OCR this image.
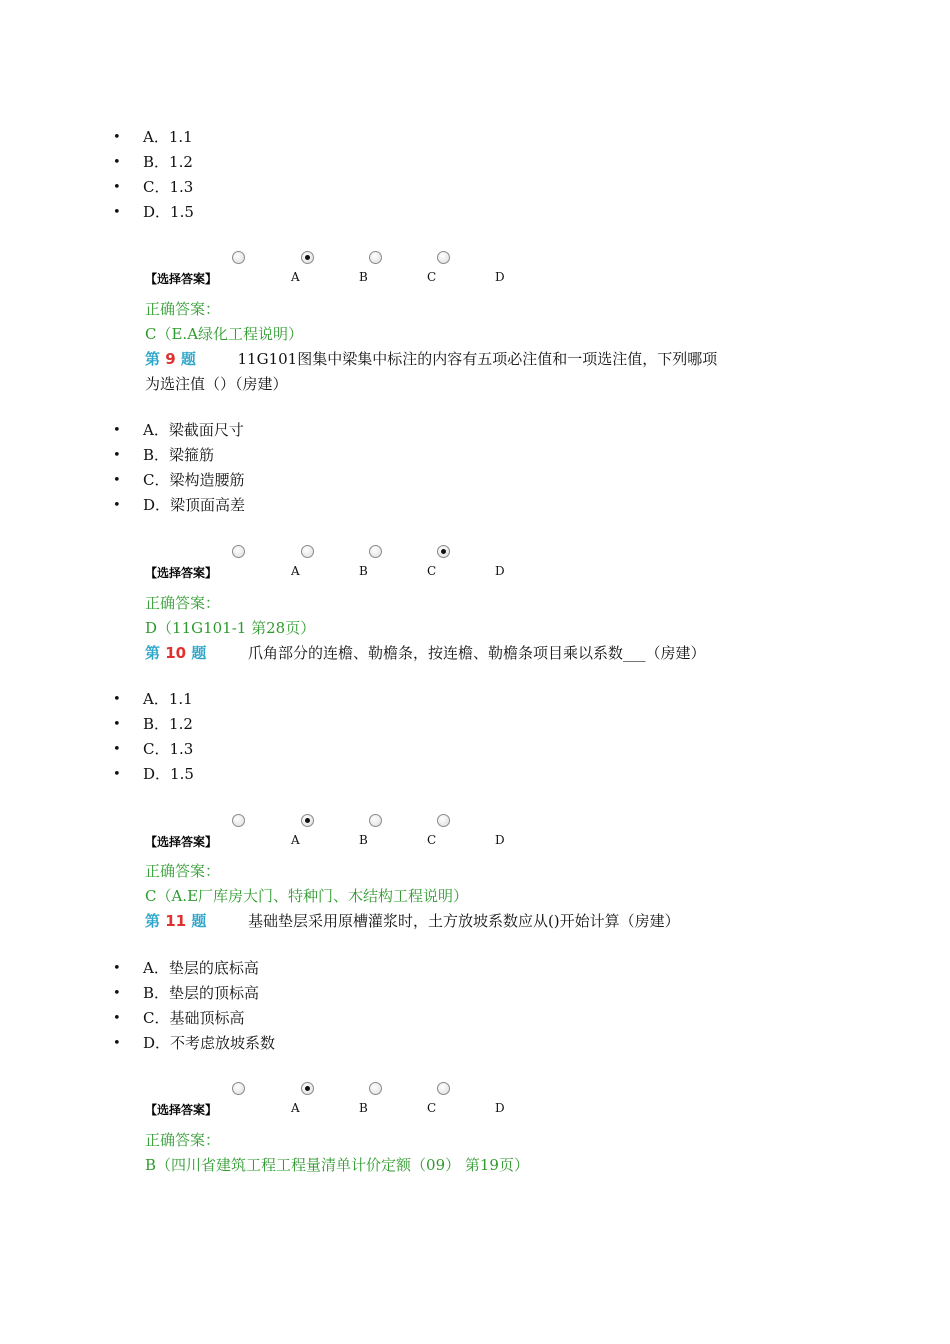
• A．1.1
• B．1.2
• C．1.3
• D．1.5
【选择答案】	A	B	C	D
正确答案：
C（E.A绿化工程说明）
第 9 题	11G101图集中梁集中标注的内容有五项必注值和一项选注值，下列哪项
为选注值（）（房建）
• A．梁截面尺寸
• B．梁箍筋
• C．梁构造腰筋
• D．梁顶面高差
【选择答案】	A	B	C	D
正确答案：
D（11G101-1 第28页）
第 10 题	爪角部分的连檐、勒檐条，按连檐、勒檐条项目乘以系数___（房建）
• A．1.1
• B．1.2
• C．1.3
• D．1.5
【选择答案】	A	B	C	D
正确答案：
C（A.E厂库房大门、特种门、木结构工程说明）
第 11 题	基础垫层采用原槽灌浆时，土方放坡系数应从()开始计算（房建）
• A．垫层的底标高
• B．垫层的顶标高
• C．基础顶标高
• D．不考虑放坡系数
【选择答案】	A	B	C	D
正确答案：
B（四川省建筑工程工程量清单计价定额（09） 第19页）
